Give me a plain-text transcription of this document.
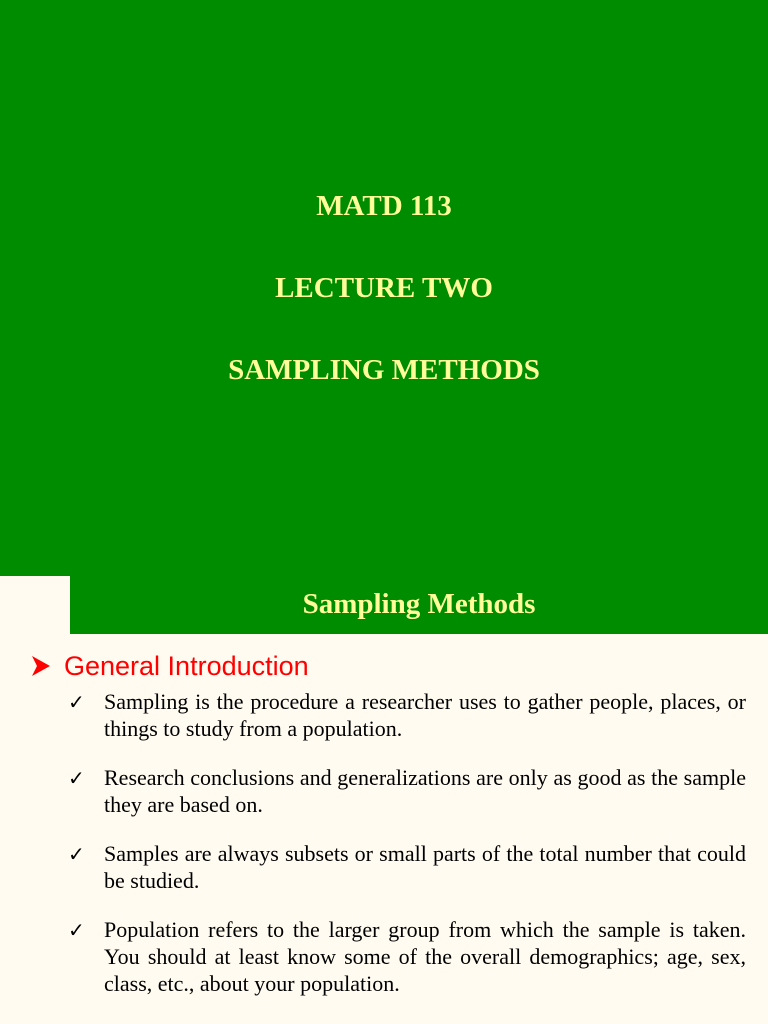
MATD 113
LECTURE TWO
SAMPLING METHODS
Sampling Methods
General Introduction
✓ Sampling is the procedure a researcher uses to gather people, places, or things to study from a population.
✓ Research conclusions and generalizations are only as good as the sample they are based on.
✓ Samples are always subsets or small parts of the total number that could be studied.
✓ Population refers to the larger group from which the sample is taken. You should at least know some of the overall demographics; age, sex, class, etc., about your population.
